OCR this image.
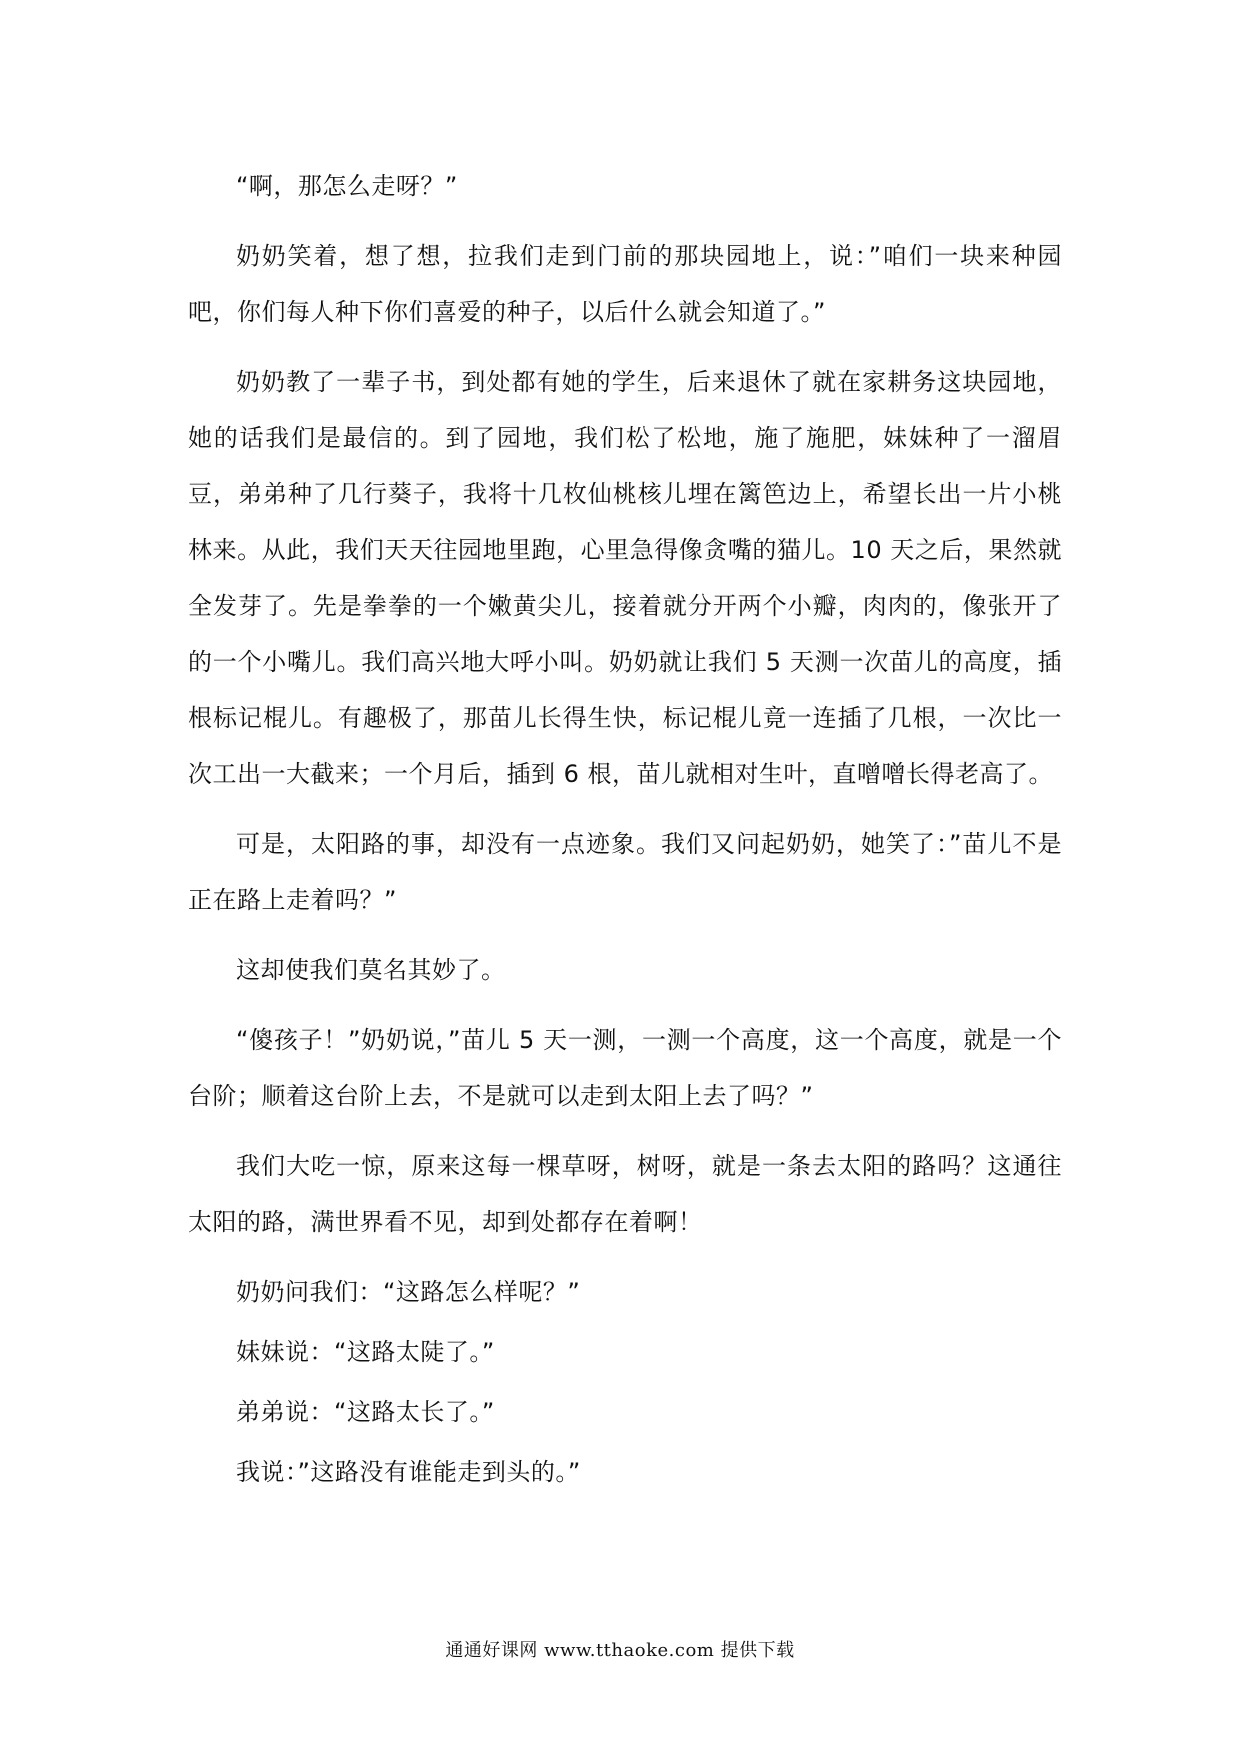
“啊，那怎么走呀？”

奶奶笑着，想了想，拉我们走到门前的那块园地上，说：”咱们一块来种园吧，你们每人种下你们喜爱的种子，以后什么就会知道了。”

奶奶教了一辈子书，到处都有她的学生，后来退休了就在家耕务这块园地，她的话我们是最信的。到了园地，我们松了松地，施了施肥，妹妹种了一溜眉豆，弟弟种了几行葵子，我将十几枚仙桃核儿埋在篱笆边上，希望长出一片小桃林来。从此，我们天天往园地里跑，心里急得像贪嘴的猫儿。10 天之后，果然就全发芽了。先是拳拳的一个嫩黄尖儿，接着就分开两个小瓣，肉肉的，像张开了的一个小嘴儿。我们高兴地大呼小叫。奶奶就让我们 5 天测一次苗儿的高度，插根标记棍儿。有趣极了，那苗儿长得生快，标记棍儿竟一连插了几根，一次比一次工出一大截来；一个月后，插到 6 根，苗儿就相对生叶，直噌噌长得老高了。

可是，太阳路的事，却没有一点迹象。我们又问起奶奶，她笑了：”苗儿不是正在路上走着吗？”

这却使我们莫名其妙了。

“傻孩子！”奶奶说，”苗儿 5 天一测，一测一个高度，这一个高度，就是一个台阶；顺着这台阶上去，不是就可以走到太阳上去了吗？”

我们大吃一惊，原来这每一棵草呀，树呀，就是一条去太阳的路吗？这通往太阳的路，满世界看不见，却到处都存在着啊！

奶奶问我们：“这路怎么样呢？”

妹妹说：“这路太陡了。”

弟弟说：“这路太长了。”

我说：”这路没有谁能走到头的。”

通通好课网 www.tthaoke.com 提供下载
